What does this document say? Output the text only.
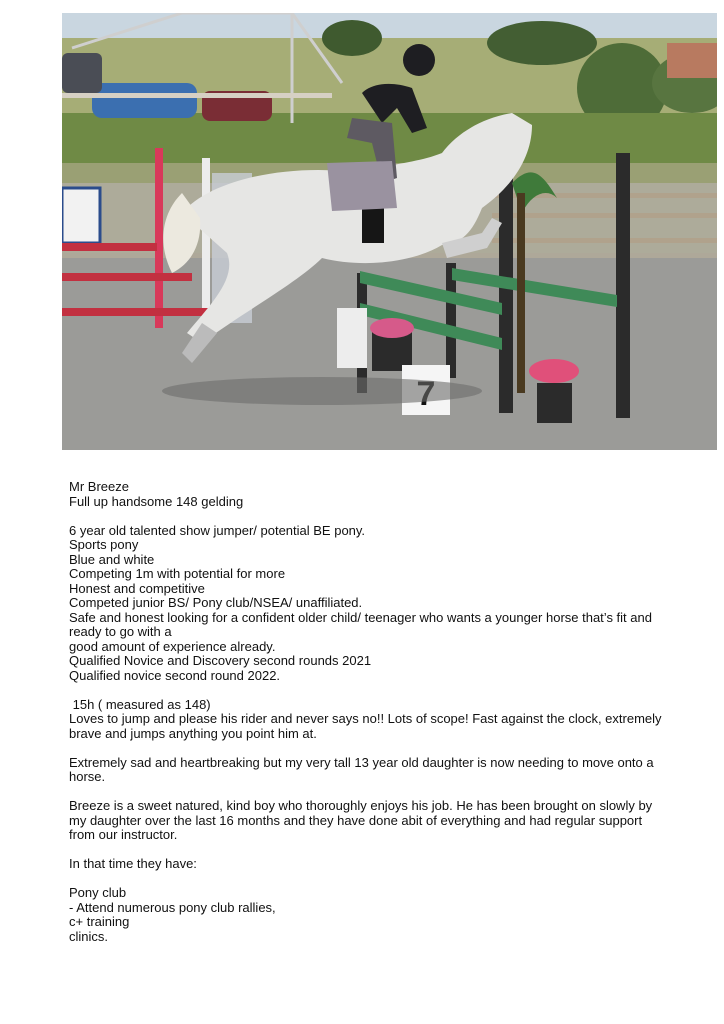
Mr Breeze

Full up handsome 148 gelding

6 year old talented show jumper/ potential BE pony.

Sports pony

Blue and white

Competing 1m with potential for more

Honest and competitive

Competed junior BS/ Pony club/NSEA/ unaffiliated.

Safe and honest looking for a confident older child/ teenager who wants a younger horse that’s fit and ready to go with a

good amount of experience already.

Qualified Novice and Discovery second rounds 2021

Qualified novice second round 2022.

15h ( measured as 148)

Loves to jump and please his rider and never says no!! Lots of scope! Fast against the clock, extremely brave and jumps anything you point him at.

Extremely sad and heartbreaking but my very tall 13 year old daughter is now needing to move onto a horse.

Breeze is a sweet natured, kind boy who thoroughly enjoys his job. He has been brought on slowly by my daughter over the last 16 months and they have done abit of everything and had regular support from our instructor.

In that time they have:

Pony club

- Attend numerous pony club rallies,

c+ training

clinics.
